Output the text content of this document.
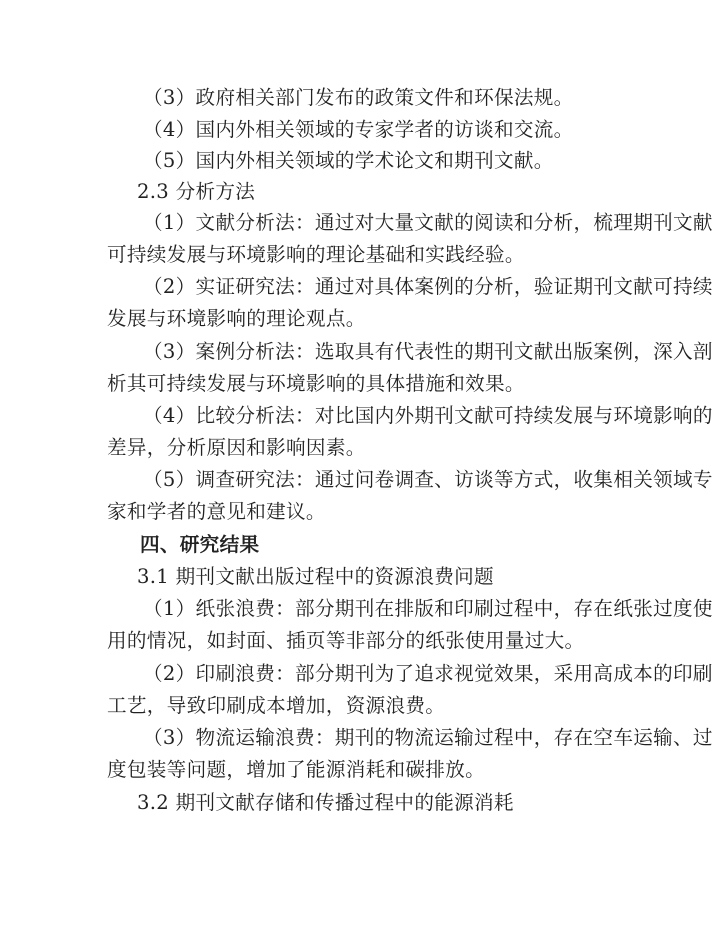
（3）政府相关部门发布的政策文件和环保法规。
（4）国内外相关领域的专家学者的访谈和交流。
（5）国内外相关领域的学术论文和期刊文献。
2.3 分析方法
（1）文献分析法：通过对大量文献的阅读和分析，梳理期刊文献
可持续发展与环境影响的理论基础和实践经验。
（2）实证研究法：通过对具体案例的分析，验证期刊文献可持续
发展与环境影响的理论观点。
（3）案例分析法：选取具有代表性的期刊文献出版案例，深入剖
析其可持续发展与环境影响的具体措施和效果。
（4）比较分析法：对比国内外期刊文献可持续发展与环境影响的
差异，分析原因和影响因素。
（5）调查研究法：通过问卷调查、访谈等方式，收集相关领域专
家和学者的意见和建议。
四、研究结果
3.1 期刊文献出版过程中的资源浪费问题
（1）纸张浪费：部分期刊在排版和印刷过程中，存在纸张过度使
用的情况，如封面、插页等非部分的纸张使用量过大。
（2）印刷浪费：部分期刊为了追求视觉效果，采用高成本的印刷
工艺，导致印刷成本增加，资源浪费。
（3）物流运输浪费：期刊的物流运输过程中，存在空车运输、过
度包装等问题，增加了能源消耗和碳排放。
3.2 期刊文献存储和传播过程中的能源消耗
